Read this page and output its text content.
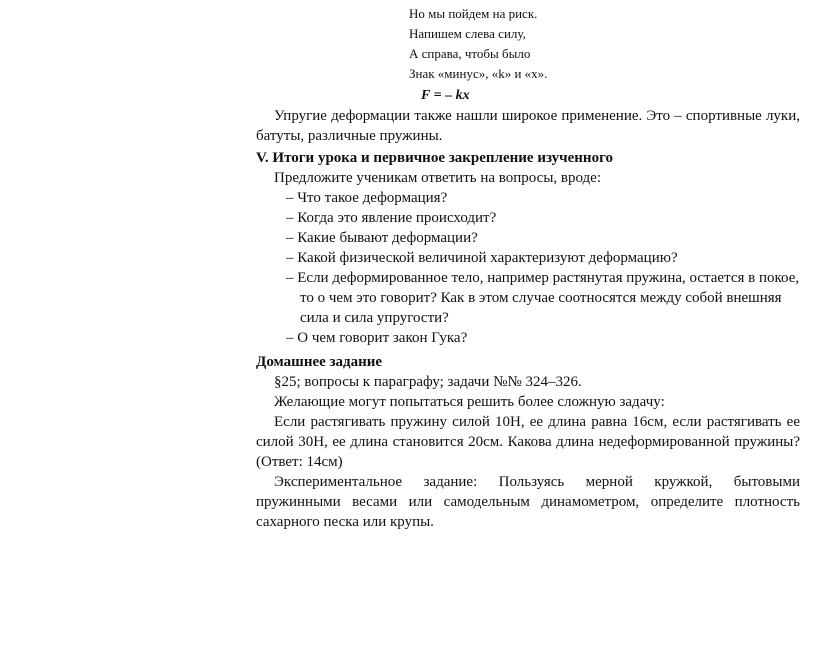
Но мы пойдем на риск.
Напишем слева силу,
А справа, чтобы было
Знак «минус», «k» и «x».
F = – kx

Упругие деформации также нашли широкое применение. Это – спортивные луки, батуты, различные пружины.

V. Итоги урока и первичное закрепление изученного

Предложите ученикам ответить на вопросы, вроде:

– Что такое деформация?
– Когда это явление происходит?
– Какие бывают деформации?
– Какой физической величиной характеризуют деформацию?
– Если деформированное тело, например растянутая пружина, остается в покое, то о чем это говорит? Как в этом случае соотносятся между собой внешняя сила и сила упругости?
– О чем говорит закон Гука?

Домашнее задание

§25; вопросы к параграфу; задачи №№ 324–326.

Желающие могут попытаться решить более сложную задачу:

Если растягивать пружину силой 10Н, ее длина равна 16см, если растягивать ее силой 30Н, ее длина становится 20см. Какова длина недеформированной пружины? (Ответ: 14см)

Экспериментальное задание: Пользуясь мерной кружкой, бытовыми пружинными весами или самодельным динамометром, определите плотность сахарного песка или крупы.
